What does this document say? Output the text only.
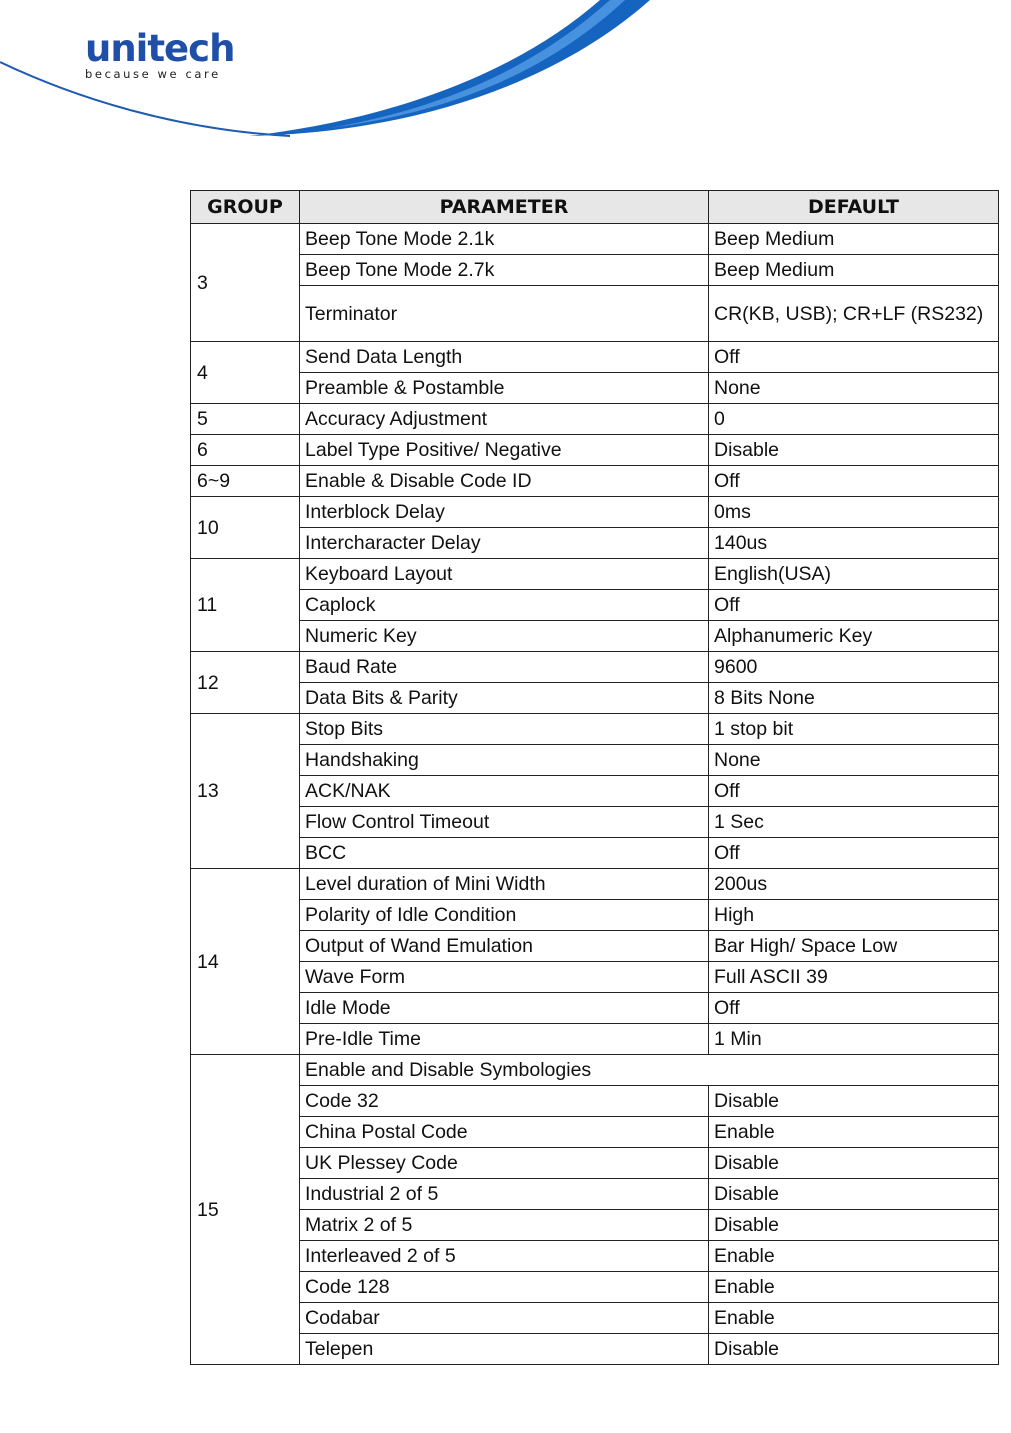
unitech
because we care
GROUP	PARAMETER	DEFAULT
3	Beep Tone Mode 2.1k	Beep Medium
	Beep Tone Mode 2.7k	Beep Medium
	Terminator	CR(KB, USB); CR+LF (RS232)
4	Send Data Length	Off
	Preamble & Postamble	None
5	Accuracy Adjustment	0
6	Label Type Positive/ Negative	Disable
6~9	Enable & Disable Code ID	Off
10	Interblock Delay	0ms
	Intercharacter Delay	140us
11	Keyboard Layout	English(USA)
	Caplock	Off
	Numeric Key	Alphanumeric Key
12	Baud Rate	9600
	Data Bits & Parity	8 Bits None
13	Stop Bits	1 stop bit
	Handshaking	None
	ACK/NAK	Off
	Flow Control Timeout	1 Sec
	BCC	Off
14	Level duration of Mini Width	200us
	Polarity of Idle Condition	High
	Output of Wand Emulation	Bar High/ Space Low
	Wave Form	Full ASCII 39
	Idle Mode	Off
	Pre-Idle Time	1 Min
15	Enable and Disable Symbologies	
	Code 32	Disable
	China Postal Code	Enable
	UK Plessey Code	Disable
	Industrial 2 of 5	Disable
	Matrix 2 of 5	Disable
	Interleaved 2 of 5	Enable
	Code 128	Enable
	Codabar	Enable
	Telepen	Disable
